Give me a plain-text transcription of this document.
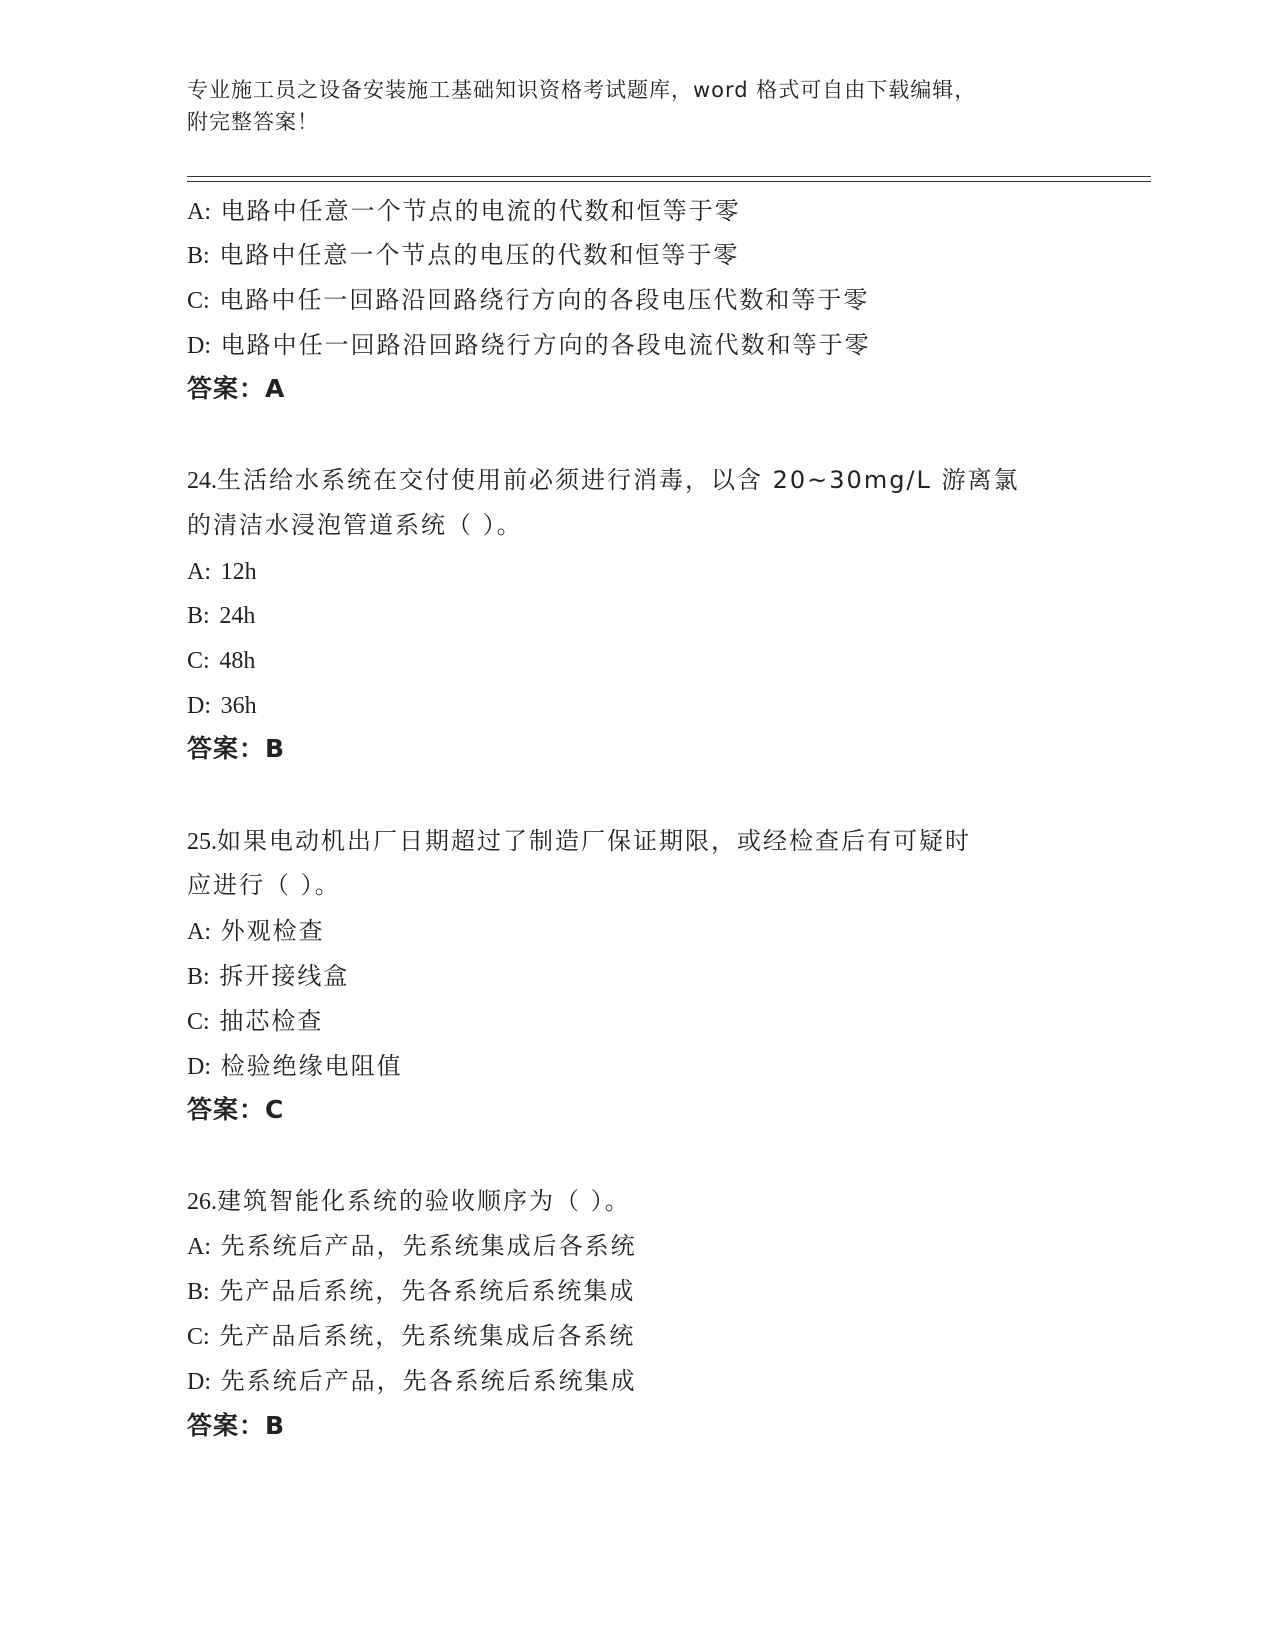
专业施工员之设备安装施工基础知识资格考试题库，word 格式可自由下载编辑，
附完整答案！
A: 电路中任意一个节点的电流的代数和恒等于零
B: 电路中任意一个节点的电压的代数和恒等于零
C: 电路中任一回路沿回路绕行方向的各段电压代数和等于零
D: 电路中任一回路沿回路绕行方向的各段电流代数和等于零
答案：A
24.生活给水系统在交付使用前必须进行消毒，以含 20~30mg/L 游离氯
的清洁水浸泡管道系统（ ）。
A: 12h
B: 24h
C: 48h
D: 36h
答案：B
25.如果电动机出厂日期超过了制造厂保证期限，或经检查后有可疑时
应进行（ ）。
A: 外观检查
B: 拆开接线盒
C: 抽芯检查
D: 检验绝缘电阻值
答案：C
26.建筑智能化系统的验收顺序为（ ）。
A: 先系统后产品，先系统集成后各系统
B: 先产品后系统，先各系统后系统集成
C: 先产品后系统，先系统集成后各系统
D: 先系统后产品，先各系统后系统集成
答案：B
